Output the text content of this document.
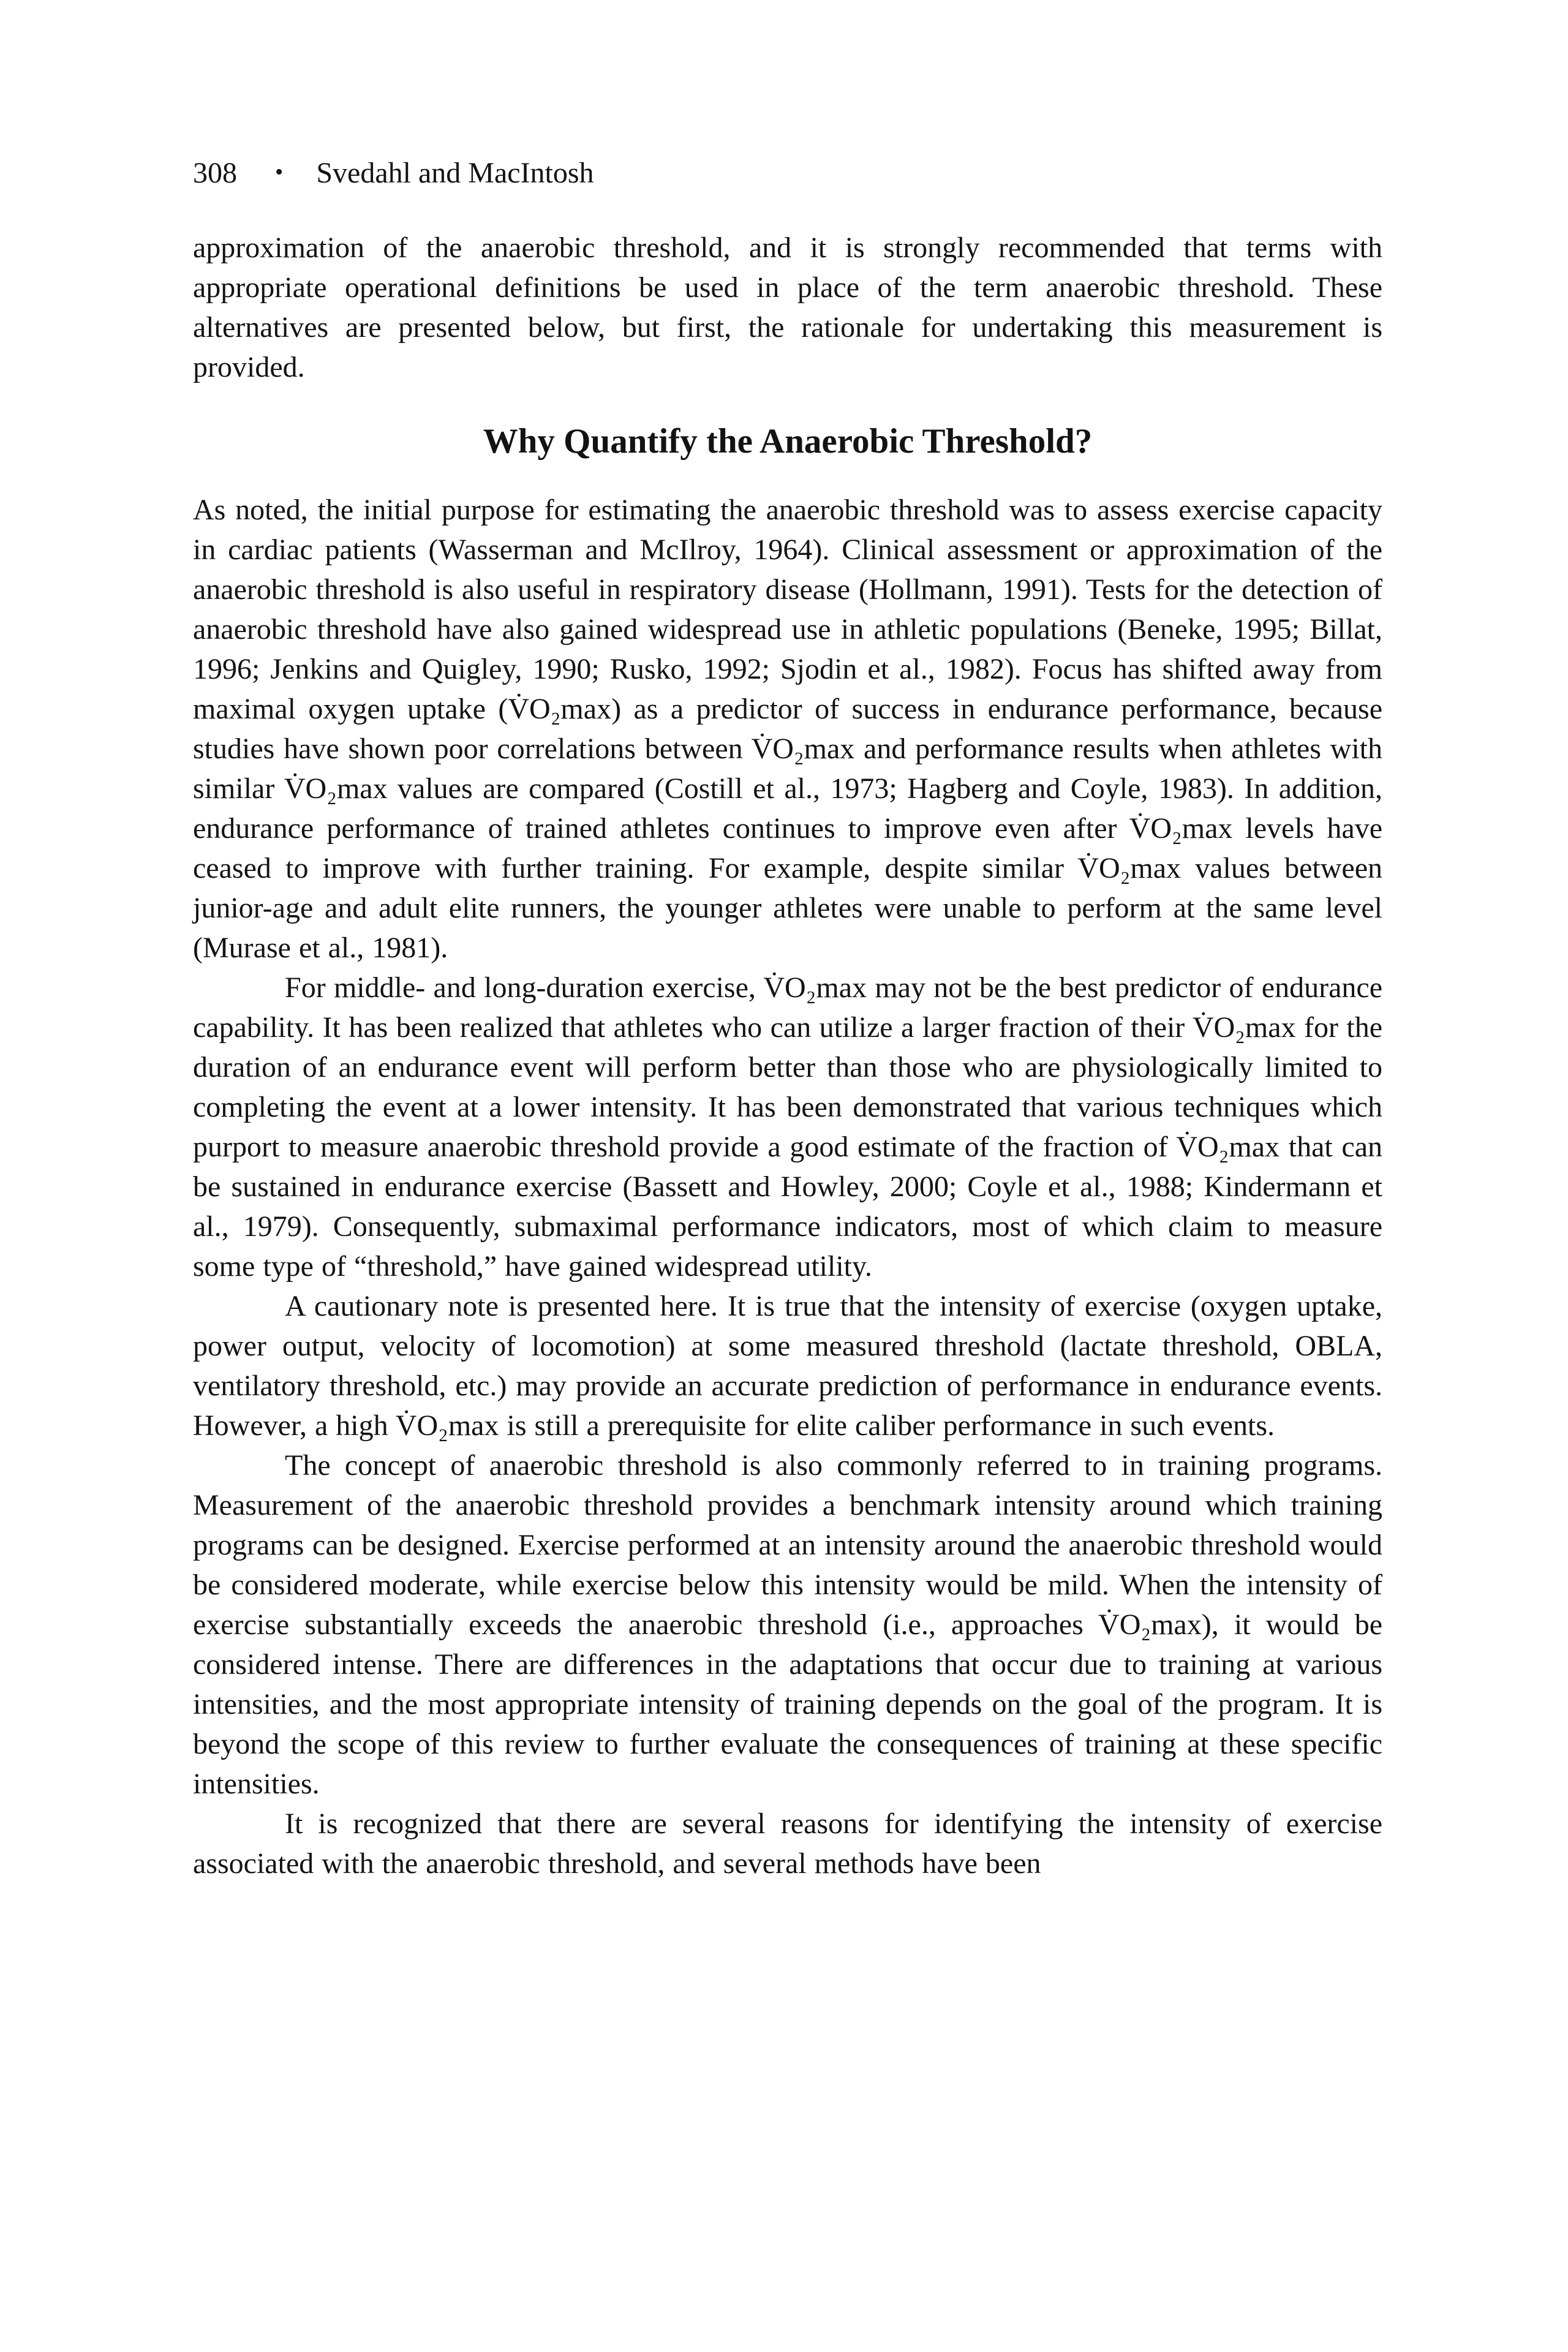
308 • Svedahl and MacIntosh

approximation of the anaerobic threshold, and it is strongly recommended that terms with appropriate operational definitions be used in place of the term anaerobic threshold. These alternatives are presented below, but first, the rationale for undertaking this measurement is provided.

Why Quantify the Anaerobic Threshold?

As noted, the initial purpose for estimating the anaerobic threshold was to assess exercise capacity in cardiac patients (Wasserman and McIlroy, 1964). Clinical assessment or approximation of the anaerobic threshold is also useful in respiratory disease (Hollmann, 1991). Tests for the detection of anaerobic threshold have also gained widespread use in athletic populations (Beneke, 1995; Billat, 1996; Jenkins and Quigley, 1990; Rusko, 1992; Sjodin et al., 1982). Focus has shifted away from maximal oxygen uptake (V̇O₂max) as a predictor of success in endurance performance, because studies have shown poor correlations between V̇O₂max and performance results when athletes with similar V̇O₂max values are compared (Costill et al., 1973; Hagberg and Coyle, 1983). In addition, endurance performance of trained athletes continues to improve even after V̇O₂max levels have ceased to improve with further training. For example, despite similar V̇O₂max values between junior-age and adult elite runners, the younger athletes were unable to perform at the same level (Murase et al., 1981).

For middle- and long-duration exercise, V̇O₂max may not be the best predictor of endurance capability. It has been realized that athletes who can utilize a larger fraction of their V̇O₂max for the duration of an endurance event will perform better than those who are physiologically limited to completing the event at a lower intensity. It has been demonstrated that various techniques which purport to measure anaerobic threshold provide a good estimate of the fraction of V̇O₂max that can be sustained in endurance exercise (Bassett and Howley, 2000; Coyle et al., 1988; Kindermann et al., 1979). Consequently, submaximal performance indicators, most of which claim to measure some type of “threshold,” have gained widespread utility.

A cautionary note is presented here. It is true that the intensity of exercise (oxygen uptake, power output, velocity of locomotion) at some measured threshold (lactate threshold, OBLA, ventilatory threshold, etc.) may provide an accurate prediction of performance in endurance events. However, a high V̇O₂max is still a prerequisite for elite caliber performance in such events.

The concept of anaerobic threshold is also commonly referred to in training programs. Measurement of the anaerobic threshold provides a benchmark intensity around which training programs can be designed. Exercise performed at an intensity around the anaerobic threshold would be considered moderate, while exercise below this intensity would be mild. When the intensity of exercise substantially exceeds the anaerobic threshold (i.e., approaches V̇O₂max), it would be considered intense. There are differences in the adaptations that occur due to training at various intensities, and the most appropriate intensity of training depends on the goal of the program. It is beyond the scope of this review to further evaluate the consequences of training at these specific intensities.

It is recognized that there are several reasons for identifying the intensity of exercise associated with the anaerobic threshold, and several methods have been
